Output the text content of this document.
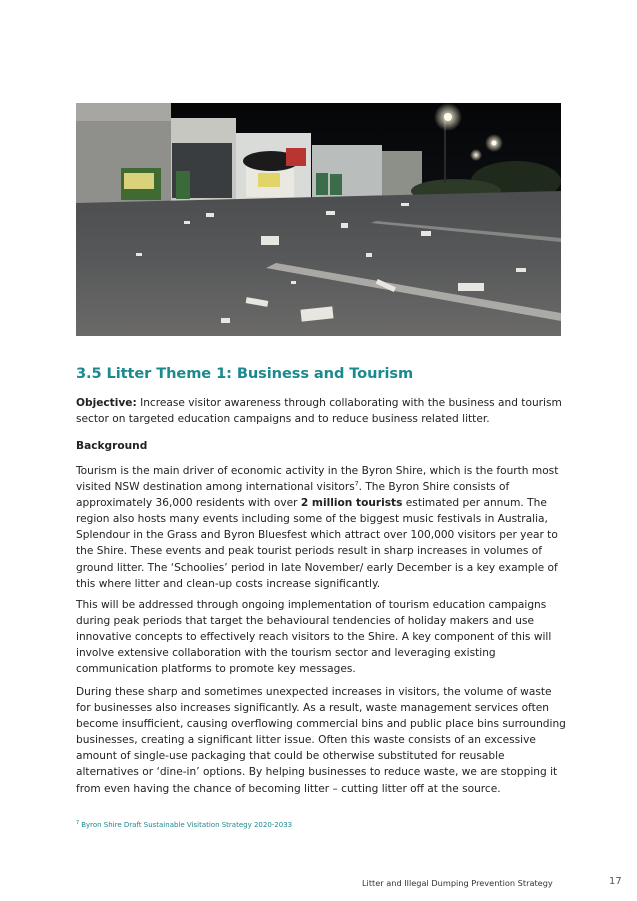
3.5 Litter Theme 1: Business and Tourism

Objective: Increase visitor awareness through collaborating with the business and tourism sector on targeted education campaigns and to reduce business related litter.

Background

Tourism is the main driver of economic activity in the Byron Shire, which is the fourth most visited NSW destination among international visitors$^7$. The Byron Shire consists of approximately 36,000 residents with over 2 million tourists estimated per annum. The region also hosts many events including some of the biggest music festivals in Australia, Splendour in the Grass and Byron Bluesfest which attract over 100,000 visitors per year to the Shire. These events and peak tourist periods result in sharp increases in volumes of ground litter. The ‘Schoolies’ period in late November/ early December is a key example of this where litter and clean-up costs increase significantly.

This will be addressed through ongoing implementation of tourism education campaigns during peak periods that target the behavioural tendencies of holiday makers and use innovative concepts to effectively reach visitors to the Shire. A key component of this will involve extensive collaboration with the tourism sector and leveraging existing communication platforms to promote key messages.

During these sharp and sometimes unexpected increases in visitors, the volume of waste for businesses also increases significantly. As a result, waste management services often become insufficient, causing overflowing commercial bins and public place bins surrounding businesses, creating a significant litter issue. Often this waste consists of an excessive amount of single-use packaging that could be otherwise substituted for reusable alternatives or ‘dine-in’ options. By helping businesses to reduce waste, we are stopping it from even having the chance of becoming litter – cutting litter off at the source.

$^7$ Byron Shire Draft Sustainable Visitation Strategy 2020-2033

Litter and Illegal Dumping Prevention Strategy	17
